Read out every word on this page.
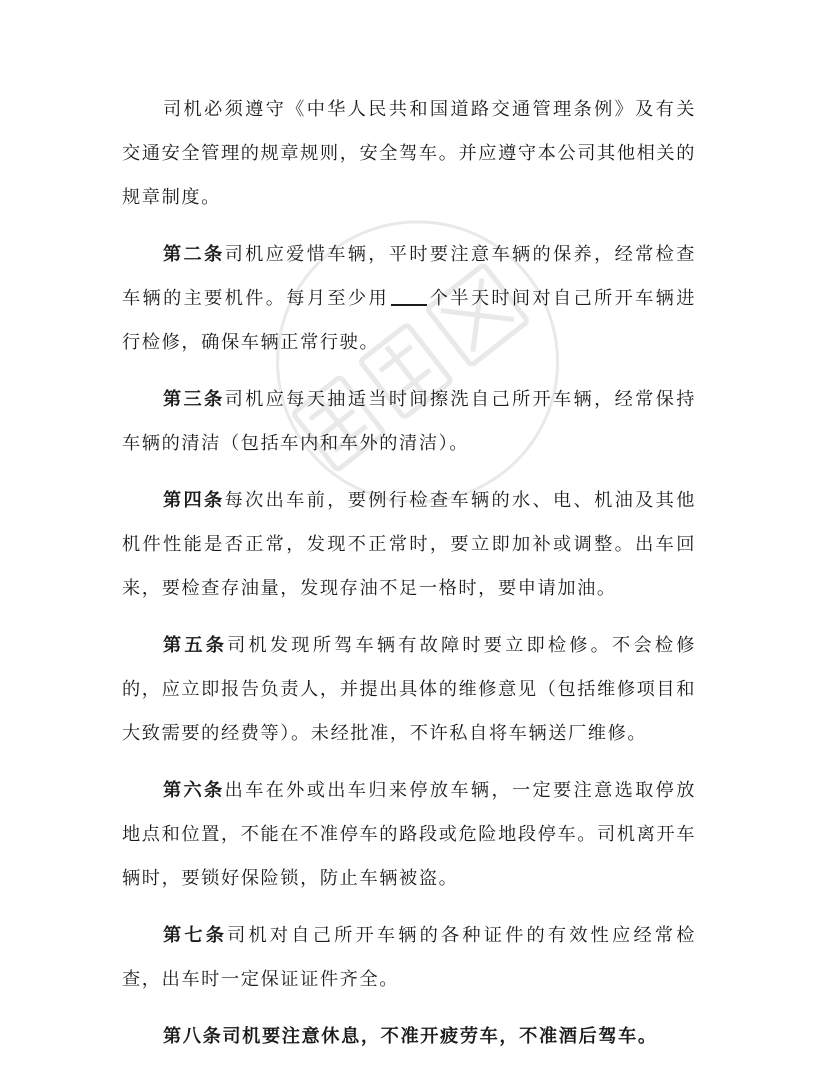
司机必须遵守《中华人民共和国道路交通管理条例》及有关交通安全管理的规章规则，安全驾车。并应遵守本公司其他相关的规章制度。

第二条司机应爱惜车辆，平时要注意车辆的保养，经常检查车辆的主要机件。每月至少用 个半天时间对自己所开车辆进行检修，确保车辆正常行驶。

第三条司机应每天抽适当时间擦洗自己所开车辆，经常保持车辆的清洁（包括车内和车外的清洁）。

第四条每次出车前，要例行检查车辆的水、电、机油及其他机件性能是否正常，发现不正常时，要立即加补或调整。出车回来，要检查存油量，发现存油不足一格时，要申请加油。

第五条司机发现所驾车辆有故障时要立即检修。不会检修的，应立即报告负责人，并提出具体的维修意见（包括维修项目和大致需要的经费等）。未经批准，不许私自将车辆送厂维修。

第六条出车在外或出车归来停放车辆，一定要注意选取停放地点和位置，不能在不准停车的路段或危险地段停车。司机离开车辆时，要锁好保险锁，防止车辆被盗。

第七条司机对自己所开车辆的各种证件的有效性应经常检查，出车时一定保证证件齐全。

第八条司机要注意休息，不准开疲劳车，不准酒后驾车。
